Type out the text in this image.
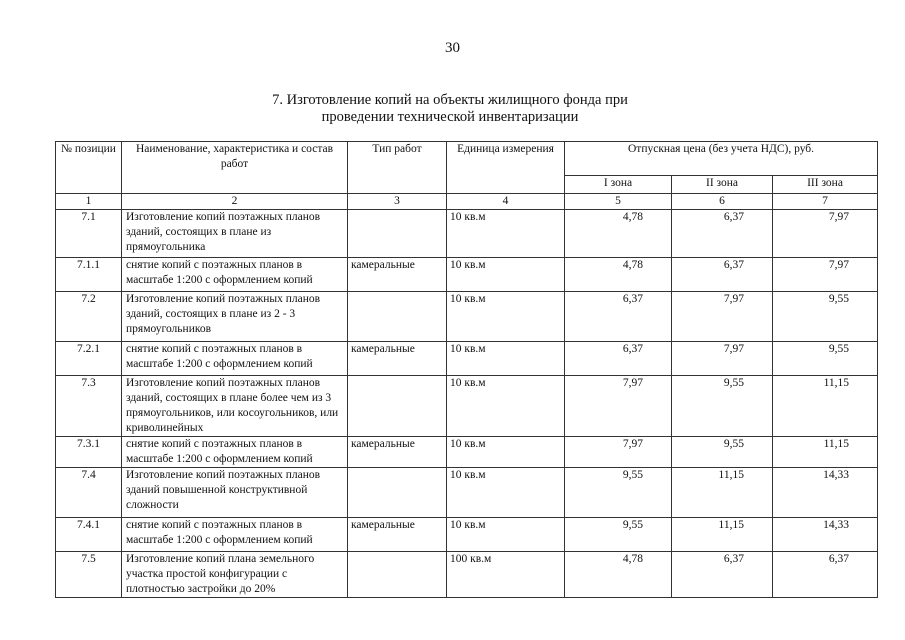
30
7. Изготовление копий на объекты жилищного фонда при
проведении технической инвентаризации
№ позиции	Наименование, характеристика и состав работ	Тип работ	Единица измерения	Отпускная цена (без учета НДС), руб.		
				I зона	II зона	III зона
1	2	3	4	5	6	7
7.1	Изготовление копий поэтажных планов зданий, состоящих в плане из прямоугольника		10 кв.м	4,78	6,37	7,97
7.1.1	снятие копий с поэтажных планов в масштабе 1:200 с оформлением копий	камеральные	10 кв.м	4,78	6,37	7,97
7.2	Изготовление копий поэтажных планов зданий, состоящих в плане из 2 - 3 прямоугольников		10 кв.м	6,37	7,97	9,55
7.2.1	снятие копий с поэтажных планов в масштабе 1:200 с оформлением копий	камеральные	10 кв.м	6,37	7,97	9,55
7.3	Изготовление копий поэтажных планов зданий, состоящих в плане более чем из 3 прямоугольников, или косоугольников, или криволинейных		10 кв.м	7,97	9,55	11,15
7.3.1	снятие копий с поэтажных планов в масштабе 1:200 с оформлением копий	камеральные	10 кв.м	7,97	9,55	11,15
7.4	Изготовление копий поэтажных планов зданий повышенной конструктивной сложности		10 кв.м	9,55	11,15	14,33
7.4.1	снятие копий с поэтажных планов в масштабе 1:200 с оформлением копий	камеральные	10 кв.м	9,55	11,15	14,33
7.5	Изготовление копий плана земельного участка простой конфигурации с плотностью застройки до 20%		100 кв.м	4,78	6,37	6,37
